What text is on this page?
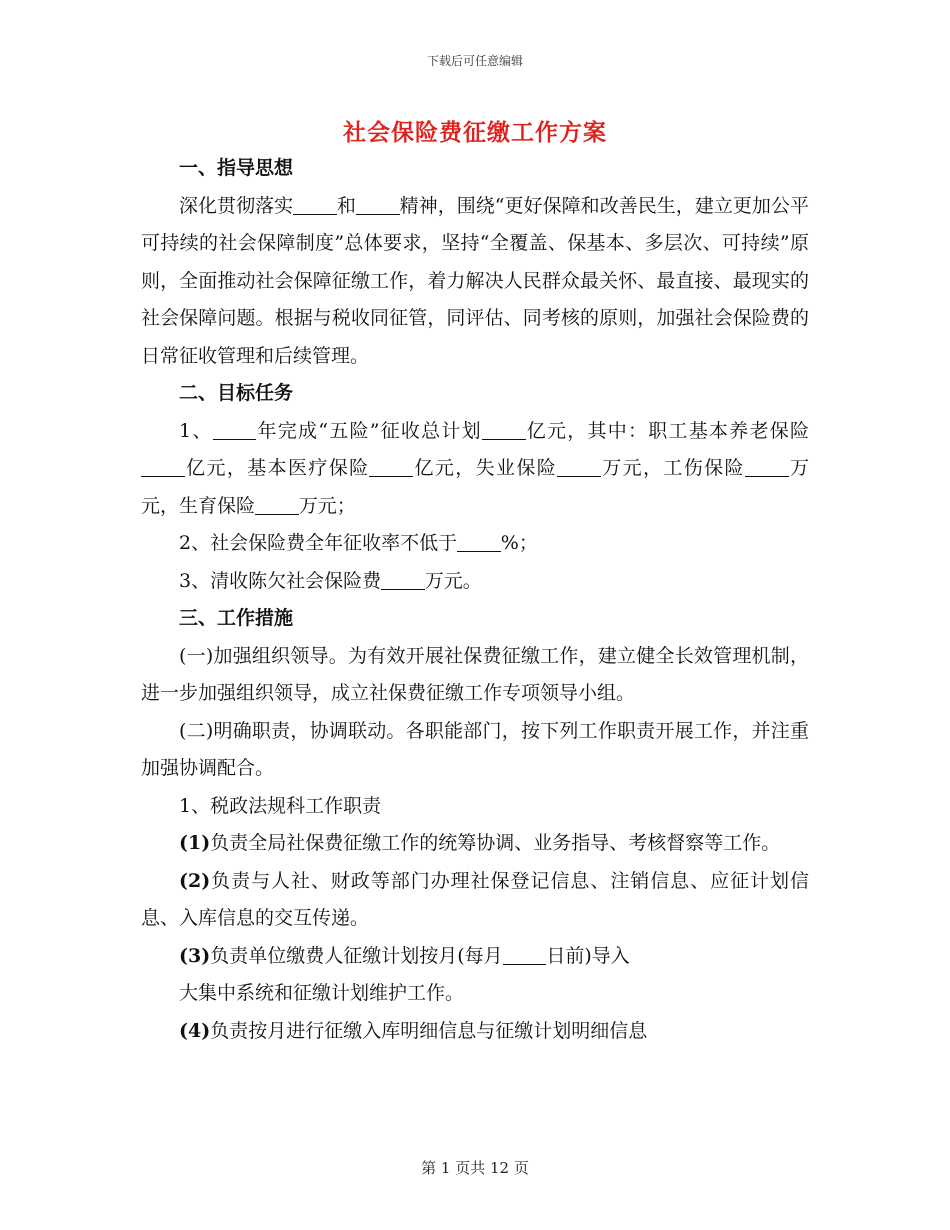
下载后可任意编辑
社会保险费征缴工作方案

一、指导思想

深化贯彻落实 和 精神，围绕“更好保障和改善民生，建立更加公平可持续的社会保障制度”总体要求，坚持“全覆盖、保基本、多层次、可持续”原则，全面推动社会保障征缴工作，着力解决人民群众最关怀、最直接、最现实的社会保障问题。根据与税收同征管，同评估、同考核的原则，加强社会保险费的日常征收管理和后续管理。

二、目标任务

1、 年完成“五险”征收总计划 亿元，其中：职工基本养老保险亿元，基本医疗保险 亿元，失业保险 万元，工伤保险 万元，生育保险 万元；

2、社会保险费全年征收率不低于 %；

3、清收陈欠社会保险费 万元。

三、工作措施

(一)加强组织领导。为有效开展社保费征缴工作，建立健全长效管理机制，进一步加强组织领导，成立社保费征缴工作专项领导小组。

(二)明确职责，协调联动。各职能部门，按下列工作职责开展工作，并注重加强协调配合。

1、税政法规科工作职责

(1)负责全局社保费征缴工作的统筹协调、业务指导、考核督察等工作。

(2)负责与人社、财政等部门办理社保登记信息、注销信息、应征计划信息、入库信息的交互传递。

(3)负责单位缴费人征缴计划按月(每月 日前)导入

大集中系统和征缴计划维护工作。

(4)负责按月进行征缴入库明细信息与征缴计划明细信息

第 1 页共 12 页
